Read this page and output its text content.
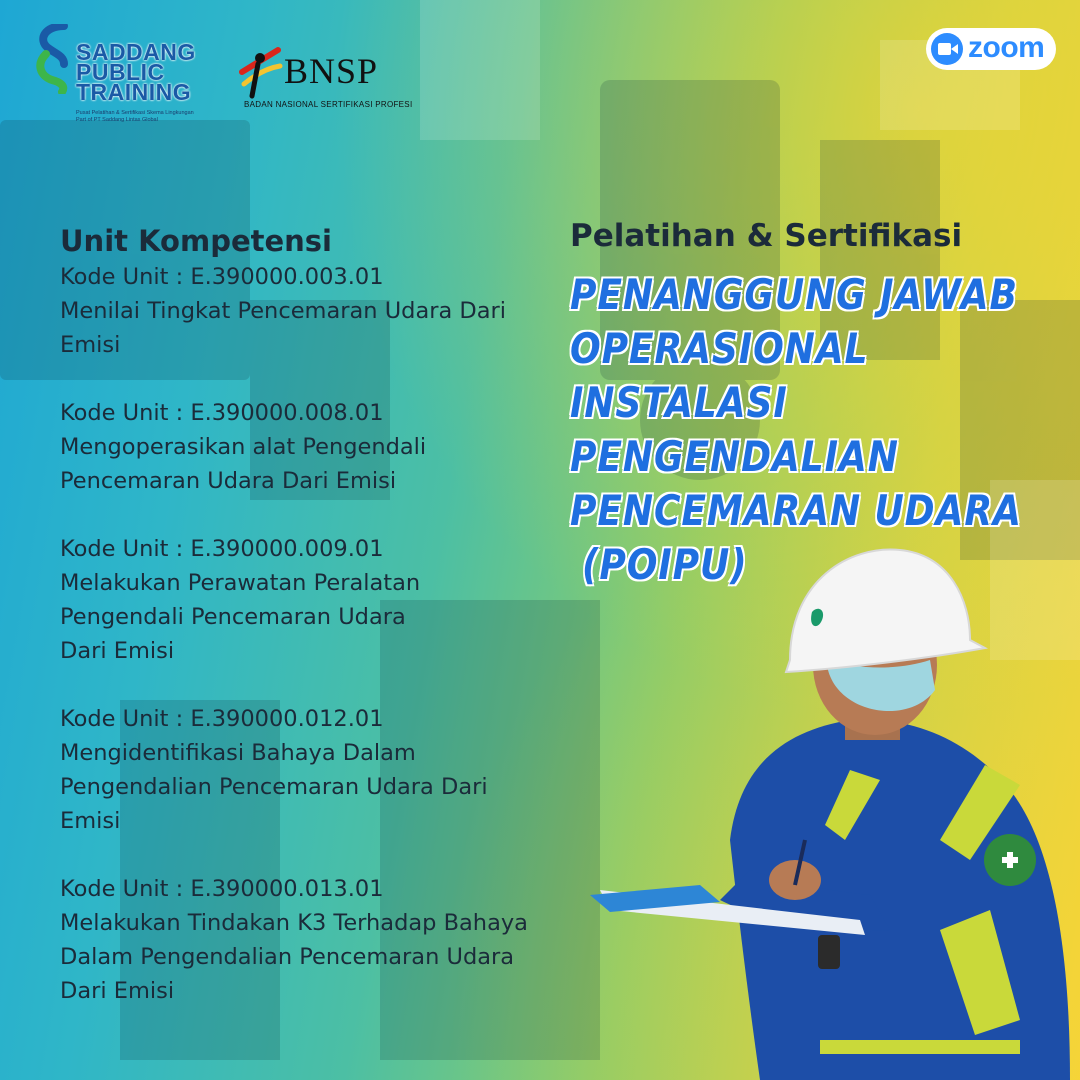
SADDANG
PUBLIC
TRAINING
Pusat Pelatihan & Sertifikasi Skema Lingkungan
Part of PT Saddang Lintas Global
BNSP
BADAN NASIONAL SERTIFIKASI PROFESI
zoom
Unit Kompetensi
Kode Unit : E.390000.003.01
Menilai Tingkat Pencemaran Udara Dari
Emisi
Kode Unit : E.390000.008.01
Mengoperasikan alat Pengendali
Pencemaran Udara Dari Emisi
Kode Unit : E.390000.009.01
Melakukan Perawatan Peralatan
Pengendali Pencemaran Udara
Dari Emisi
Kode Unit : E.390000.012.01
Mengidentifikasi Bahaya Dalam
Pengendalian Pencemaran Udara Dari
Emisi
Kode Unit : E.390000.013.01
Melakukan Tindakan K3 Terhadap Bahaya
Dalam Pengendalian Pencemaran Udara
Dari Emisi
Pelatihan & Sertifikasi
PENANGGUNG JAWAB
OPERASIONAL
INSTALASI
PENGENDALIAN
PENCEMARAN UDARA
(POIPU)
